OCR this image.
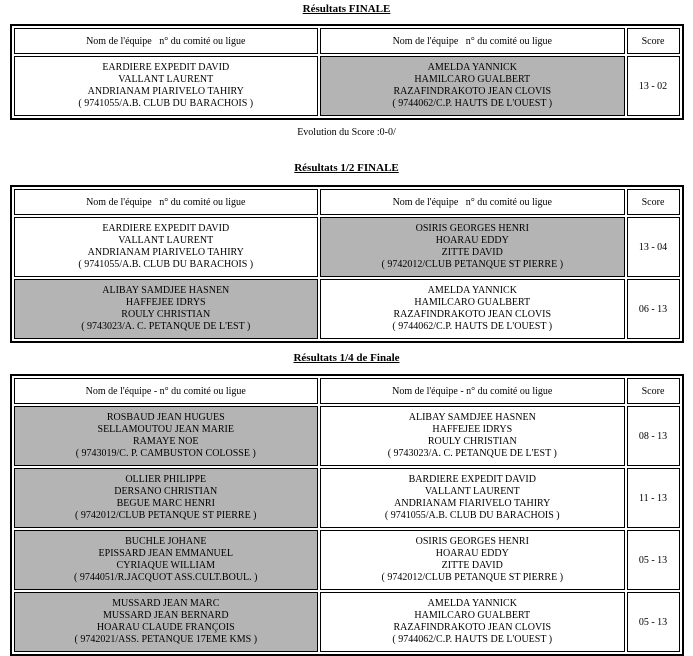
Résultats FINALE
Nom de l'équipe   n° du comité ou ligue	Nom de l'équipe   n° du comité ou ligue	Score

EARDIERE EXPEDIT DAVID
VALLANT LAURENT
ANDRIANAM PIARIVELO TAHIRY
( 9741055/A.B. CLUB DU BARACHOIS )

AMELDA YANNICK
HAMILCARO GUALBERT
RAZAFINDRAKOTO JEAN CLOVIS
( 9744062/C.P. HAUTS DE L'OUEST )
	13 - 02
Evolution du Score :0-0/
Résultats 1/2 FINALE
Nom de l'équipe   n° du comité ou ligue	Nom de l'équipe   n° du comité ou ligue	Score

EARDIERE EXPEDIT DAVID
VALLANT LAURENT
ANDRIANAM PIARIVELO TAHIRY
( 9741055/A.B. CLUB DU BARACHOIS )

OSIRIS GEORGES HENRI
HOARAU EDDY
ZITTE DAVID
( 9742012/CLUB PETANQUE ST PIERRE )
	13 - 04

ALIBAY SAMDJEE HASNEN
HAFFEJEE IDRYS
ROULY CHRISTIAN
( 9743023/A. C. PETANQUE DE L'EST )

AMELDA YANNICK
HAMILCARO GUALBERT
RAZAFINDRAKOTO JEAN CLOVIS
( 9744062/C.P. HAUTS DE L'OUEST )
	06 - 13
Résultats 1/4 de Finale
Nom de l'équipe - n° du comité ou ligue	Nom de l'équipe - n° du comité ou ligue	Score

ROSBAUD JEAN HUGUES
SELLAMOUTOU JEAN MARIE
RAMAYE NOE
( 9743019/C. P. CAMBUSTON COLOSSE )

ALIBAY SAMDJEE HASNEN
HAFFEJEE IDRYS
ROULY CHRISTIAN
( 9743023/A. C. PETANQUE DE L'EST )
	08 - 13

OLLIER PHILIPPE
DERSANO CHRISTIAN
BEGUE MARC HENRI
( 9742012/CLUB PETANQUE ST PIERRE )

BARDIERE EXPEDIT DAVID
VALLANT LAURENT
ANDRIANAM FIARIVELO TAHIRY
( 9741055/A.B. CLUB DU BARACHOIS )
	11 - 13

BUCHLE JOHANE
EPISSARD JEAN EMMANUEL
CYRIAQUE WILLIAM
( 9744051/R.JACQUOT ASS.CULT.BOUL. )

OSIRIS GEORGES HENRI
HOARAU EDDY
ZITTE DAVID
( 9742012/CLUB PETANQUE ST PIERRE )
	05 - 13

MUSSARD JEAN MARC
MUSSARD JEAN BERNARD
HOARAU CLAUDE FRANÇOIS
( 9742021/ASS. PETANQUE 17EME KMS )

AMELDA YANNICK
HAMILCARO GUALBERT
RAZAFINDRAKOTO JEAN CLOVIS
( 9744062/C.P. HAUTS DE L'OUEST )
	05 - 13
